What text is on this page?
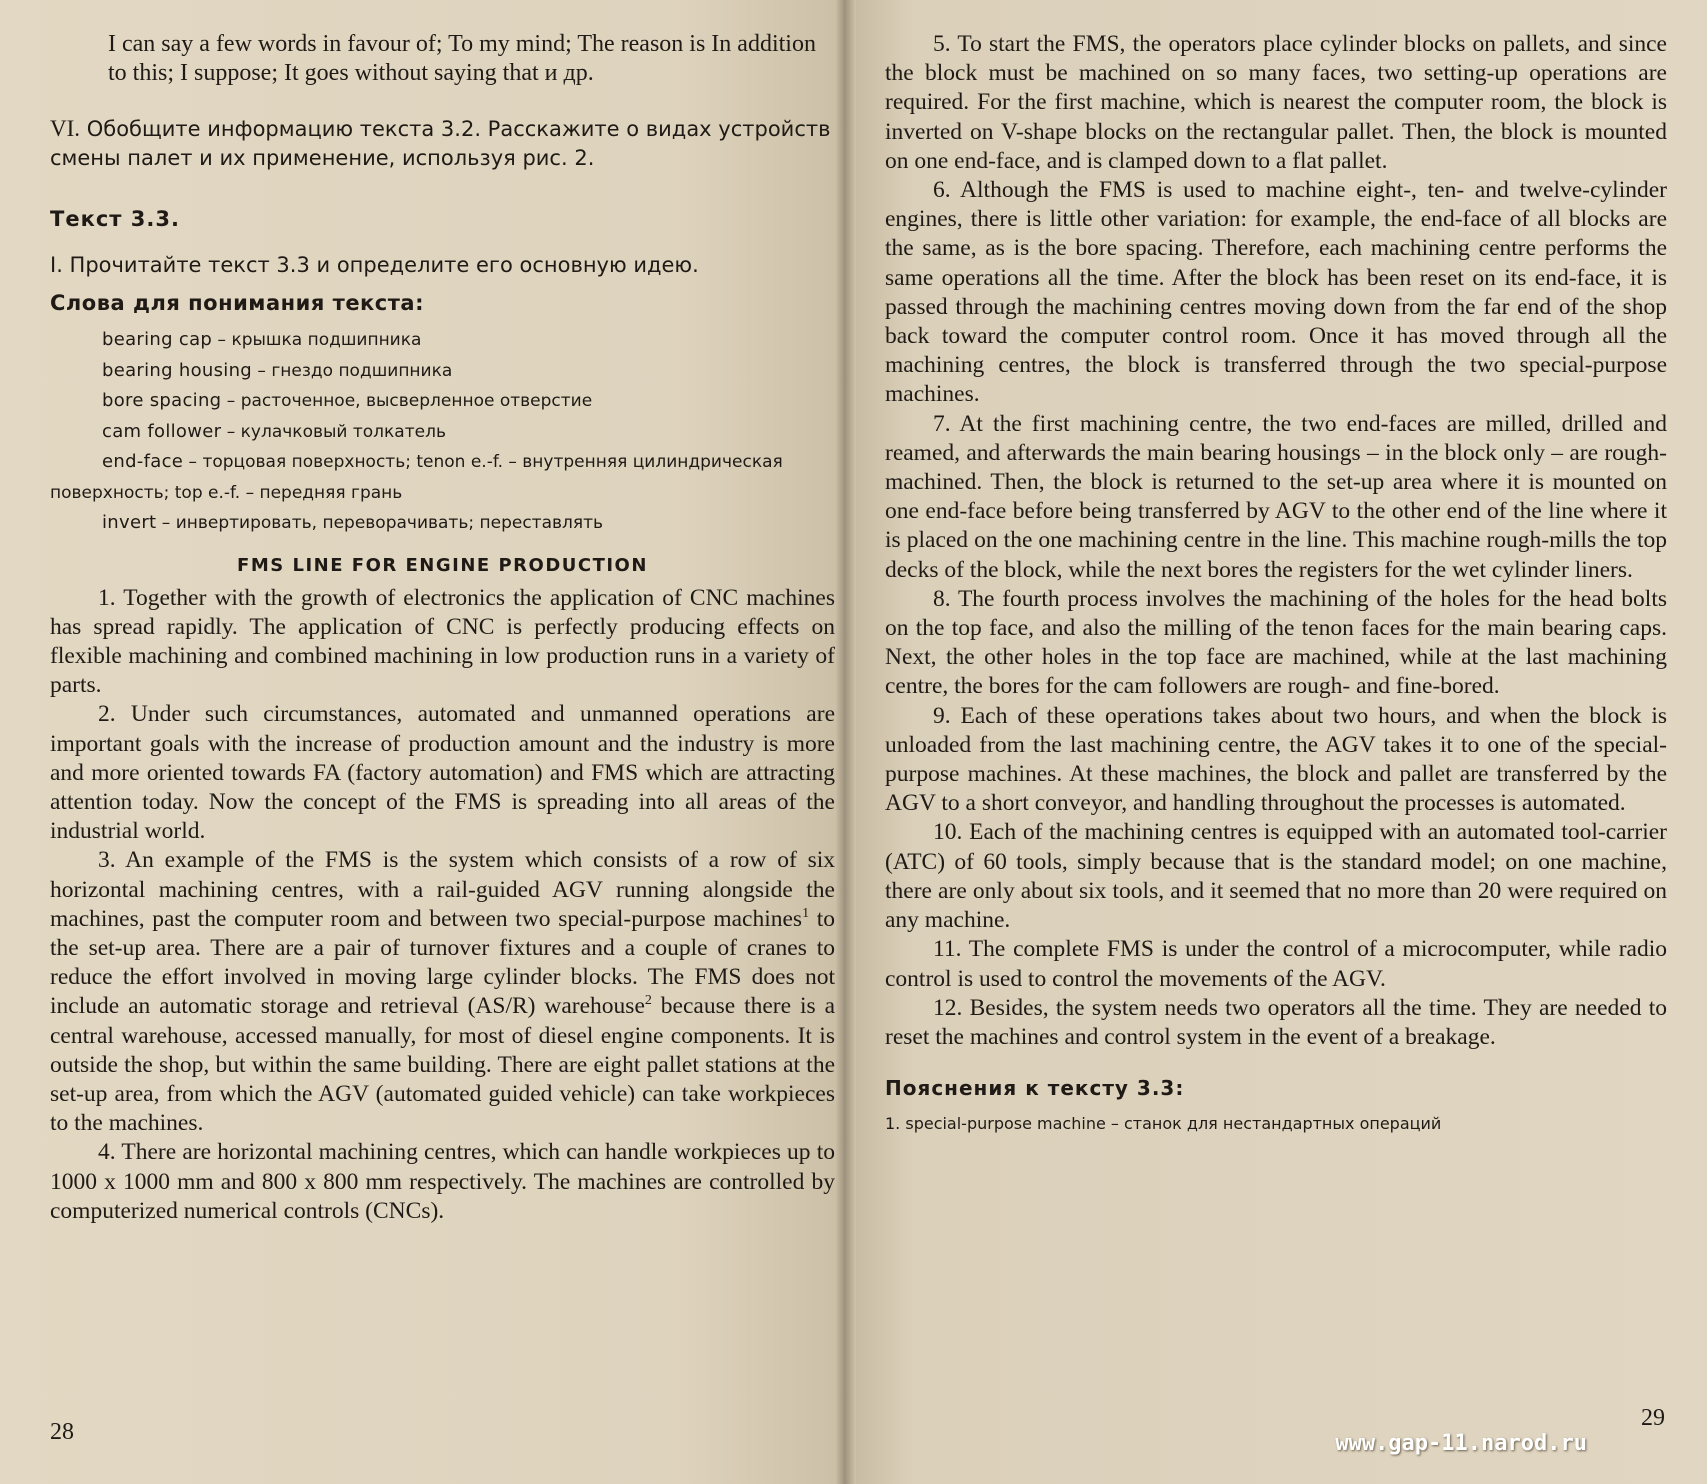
I can say a few words in favour of; To my mind; The reason is In addition to this; I suppose; It goes without saying that и др.

VI. Обобщите информацию текста 3.2. Расскажите о видах устройств смены палет и их применение, используя рис. 2.
Текст 3.3.
I. Прочитайте текст 3.3 и определите его основную идею.
Слова для понимания текста:
bearing cap – крышка подшипника
bearing housing – гнездо подшипника
bore spacing – расточенное, высверленное отверстие
cam follower – кулачковый толкатель
end-face – торцовая поверхность; tenon e.-f. – внутренняя цилиндрическая поверхность; top e.-f. – передняя грань
invert – инвертировать, переворачивать; переставлять
FMS LINE FOR ENGINE PRODUCTION

1. Together with the growth of electronics the application of CNC machines has spread rapidly. The application of CNC is perfectly producing effects on flexible machining and combined machining in low production runs in a variety of parts.

2. Under such circumstances, automated and unmanned operations are important goals with the increase of production amount and the industry is more and more oriented towards FA (factory automation) and FMS which are attracting attention today. Now the concept of the FMS is spreading into all areas of the industrial world.

3. An example of the FMS is the system which consists of a row of six horizontal machining centres, with a rail-guided AGV running alongside the machines, past the computer room and between two special-purpose machines$^1$ to the set-up area. There are a pair of turnover fixtures and a couple of cranes to reduce the effort involved in moving large cylinder blocks. The FMS does not include an automatic storage and retrieval (AS/R) warehouse$^2$ because there is a central warehouse, accessed manually, for most of diesel engine components. It is outside the shop, but within the same building. There are eight pallet stations at the set-up area, from which the AGV (automated guided vehicle) can take workpieces to the machines.

4. There are horizontal machining centres, which can handle workpieces up to 1000 x 1000 mm and 800 x 800 mm respectively. The machines are controlled by computerized numerical controls (CNCs).

28

5. To start the FMS, the operators place cylinder blocks on pallets, and since the block must be machined on so many faces, two setting-up operations are required. For the first machine, which is nearest the computer room, the block is inverted on V-shape blocks on the rectangular pallet. Then, the block is mounted on one end-face, and is clamped down to a flat pallet.

6. Although the FMS is used to machine eight-, ten- and twelve-cylinder engines, there is little other variation: for example, the end-face of all blocks are the same, as is the bore spacing. Therefore, each machining centre performs the same operations all the time. After the block has been reset on its end-face, it is passed through the machining centres moving down from the far end of the shop back toward the computer control room. Once it has moved through all the machining centres, the block is transferred through the two special-purpose machines.

7. At the first machining centre, the two end-faces are milled, drilled and reamed, and afterwards the main bearing housings – in the block only – are rough-machined. Then, the block is returned to the set-up area where it is mounted on one end-face before being transferred by AGV to the other end of the line where it is placed on the one machining centre in the line. This machine rough-mills the top decks of the block, while the next bores the registers for the wet cylinder liners.

8. The fourth process involves the machining of the holes for the head bolts on the top face, and also the milling of the tenon faces for the main bearing caps. Next, the other holes in the top face are machined, while at the last machining centre, the bores for the cam followers are rough- and fine-bored.

9. Each of these operations takes about two hours, and when the block is unloaded from the last machining centre, the AGV takes it to one of the special-purpose machines. At these machines, the block and pallet are transferred by the AGV to a short conveyor, and handling throughout the processes is automated.

10. Each of the machining centres is equipped with an automated tool-carrier (ATC) of 60 tools, simply because that is the standard model; on one machine, there are only about six tools, and it seemed that no more than 20 were required on any machine.

11. The complete FMS is under the control of a microcomputer, while radio control is used to control the movements of the AGV.

12. Besides, the system needs two operators all the time. They are needed to reset the machines and control system in the event of a breakage.

Пояснения к тексту 3.3:
1. special-purpose machine – станок для нестандартных операций
29
www.gap-11.narod.ru
